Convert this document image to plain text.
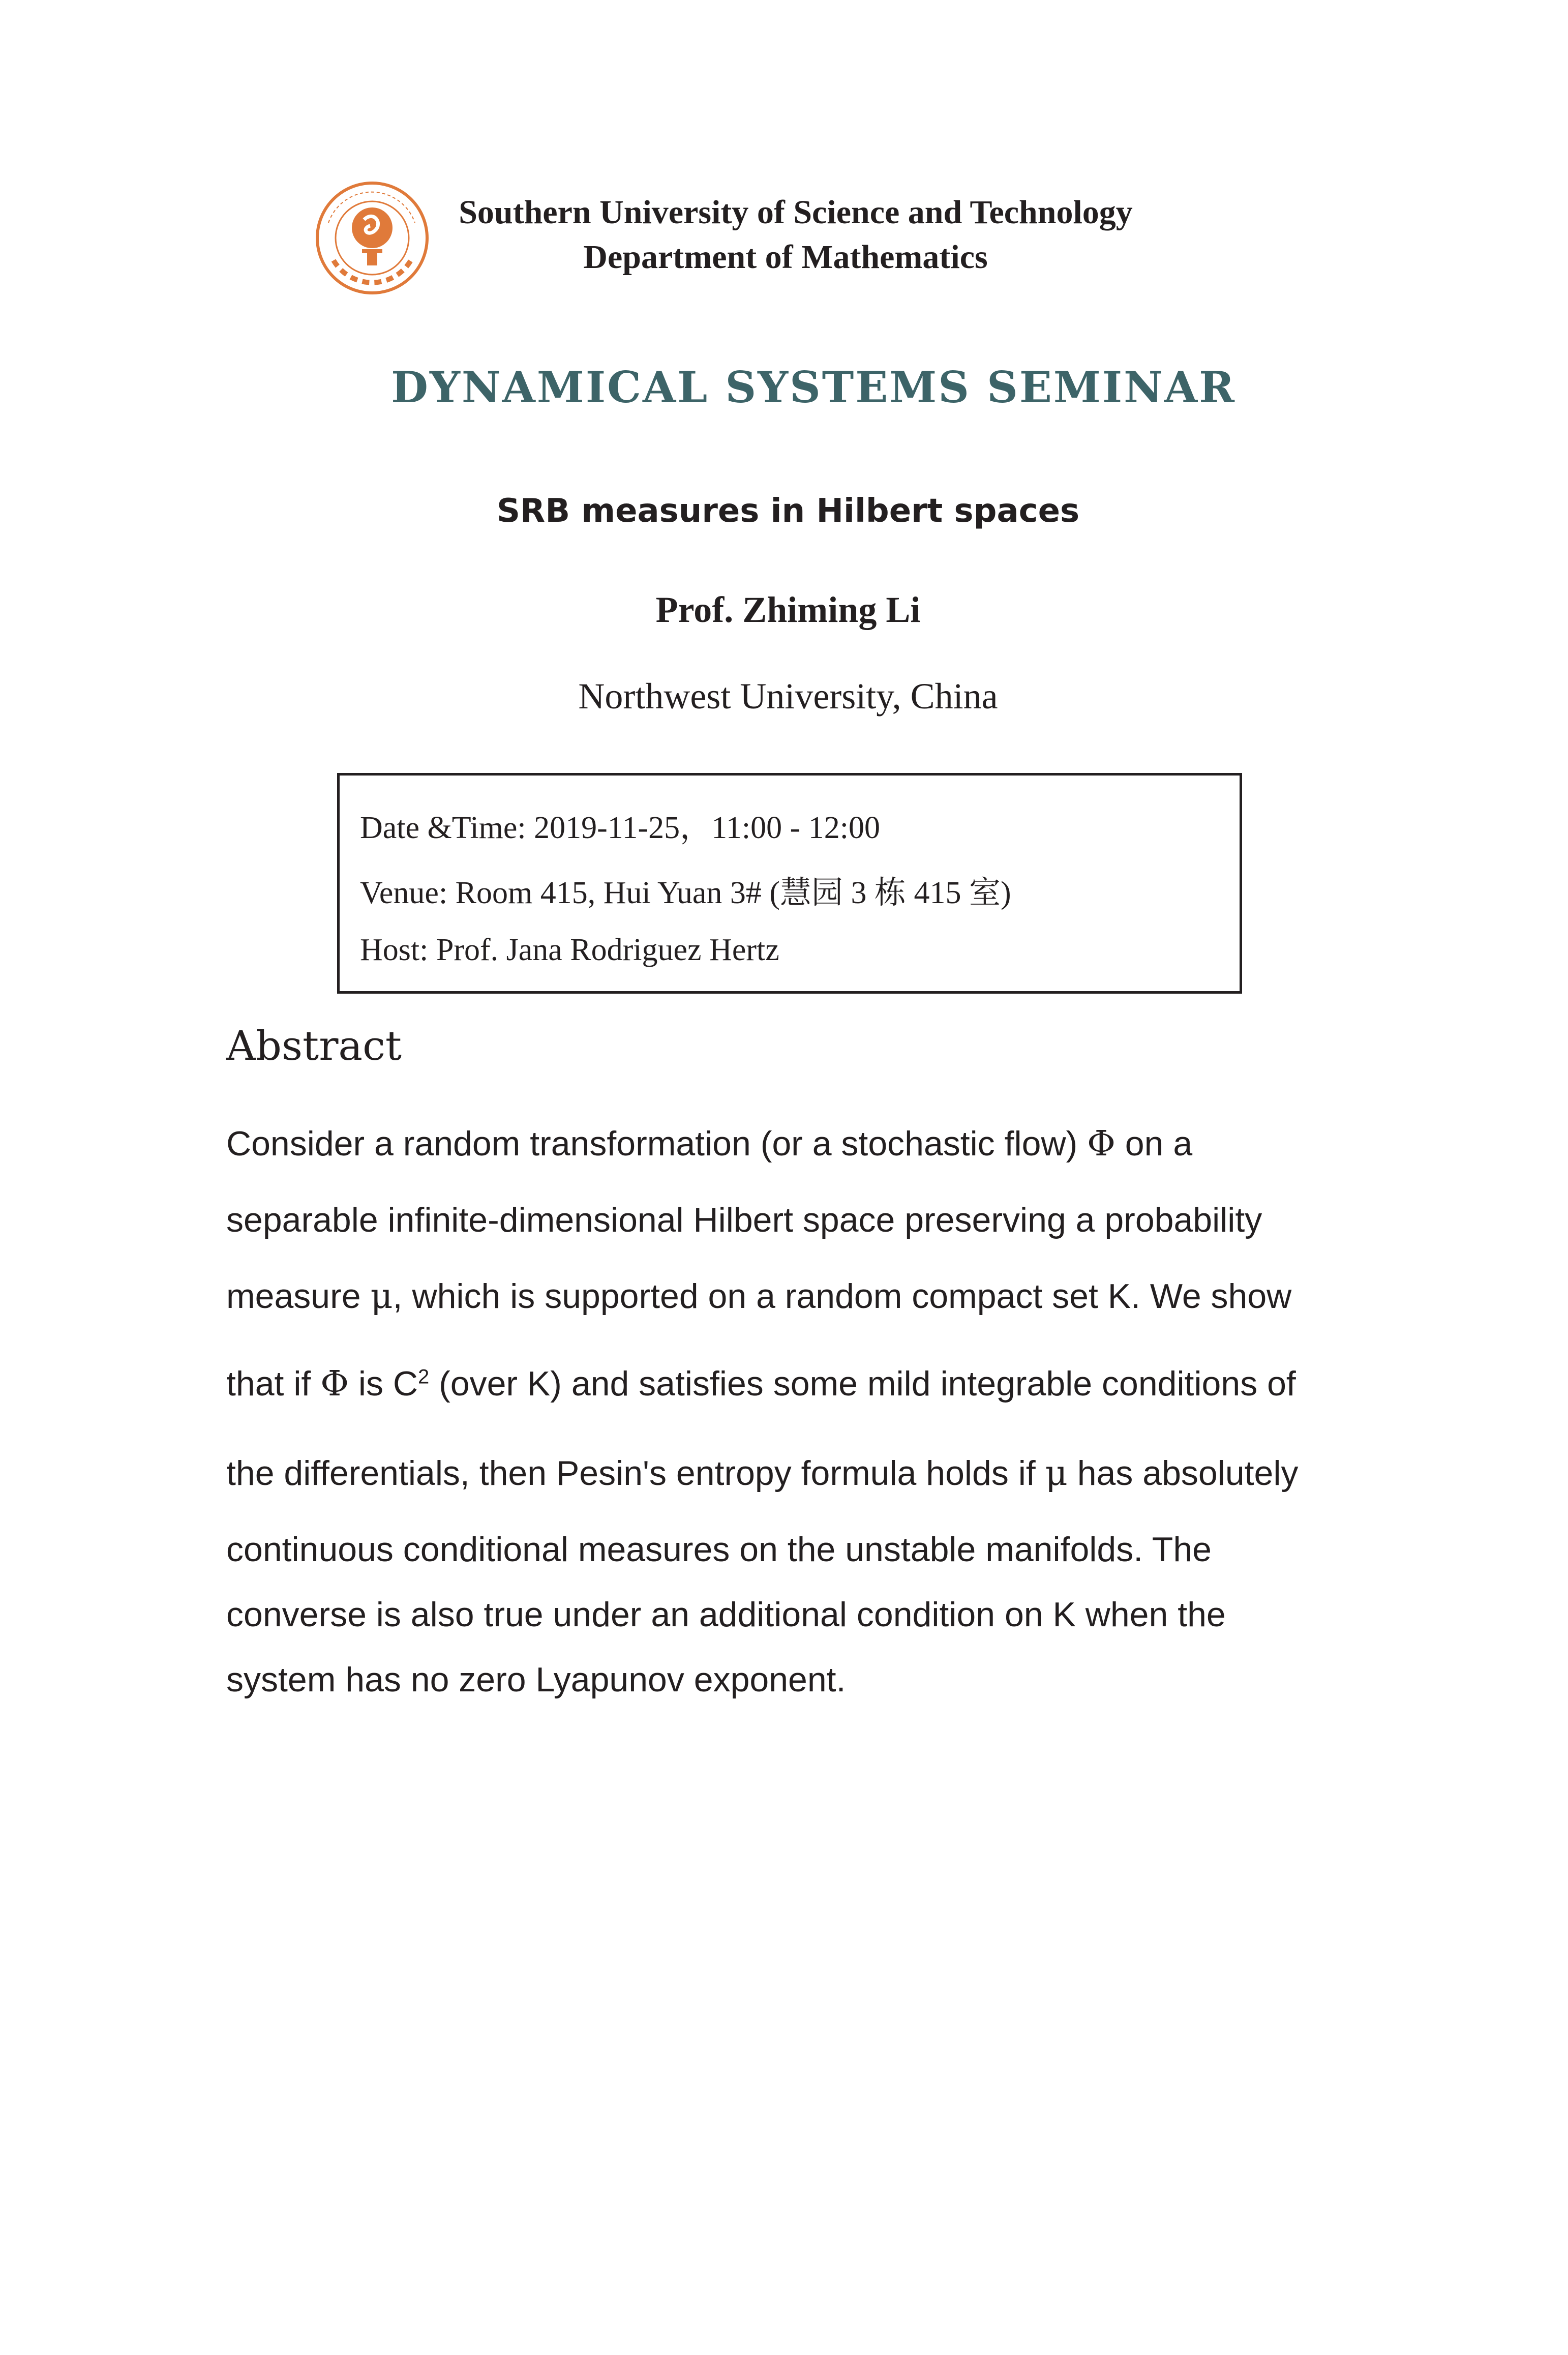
Southern University of Science and Technology
Department of Mathematics
DYNAMICAL SYSTEMS SEMINAR
SRB measures in Hilbert spaces
Prof. Zhiming Li
Northwest University, China
Date &Time: 2019-11-25，11:00 - 12:00
Venue: Room 415, Hui Yuan 3# (慧园 3 栋 415 室)
Host: Prof. Jana Rodriguez Hertz
Abstract
Consider a random transformation (or a stochastic flow) Φ on a
separable infinite-dimensional Hilbert space preserving a probability
measure μ, which is supported on a random compact set K. We show
that if Φ is $C^2$ (over K) and satisfies some mild integrable conditions of
the differentials, then Pesin's entropy formula holds if μ has absolutely
continuous conditional measures on the unstable manifolds. The
converse is also true under an additional condition on K when the
system has no zero Lyapunov exponent.
